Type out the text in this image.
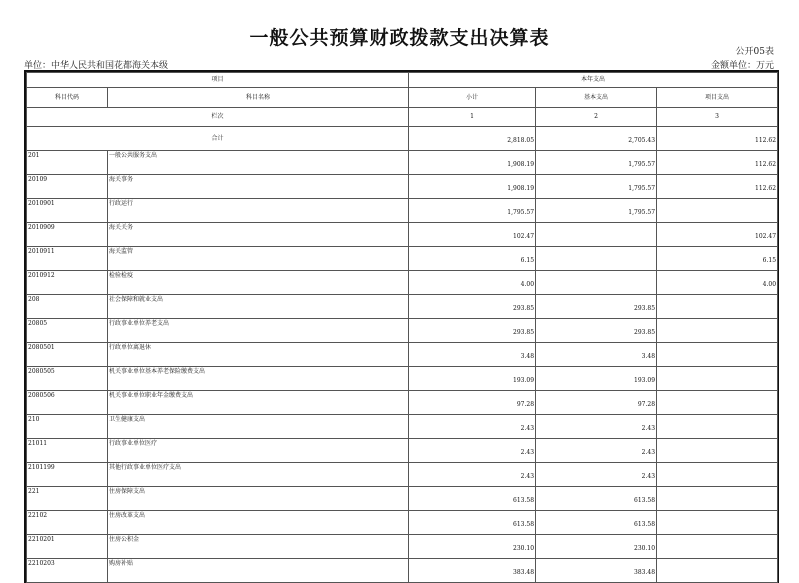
一般公共预算财政拨款支出决算表
公开05表
单位：中华人民共和国花都海关本级	金额单位：万元
项目		本年支出		
科目代码	科目名称	小计	基本支出	项目支出
栏次		1	2	3
合计		2,818.05	2,705.43	112.62
201	一般公共服务支出	1,908.19	1,795.57	112.62
20109	海关事务	1,908.19	1,795.57	112.62
2010901	行政运行	1,795.57	1,795.57	
2010909	海关关务	102.47		102.47
2010911	海关监管	6.15		6.15
2010912	检验检疫	4.00		4.00
208	社会保障和就业支出	293.85	293.85	
20805	行政事业单位养老支出	293.85	293.85	
2080501	行政单位离退休	3.48	3.48	
2080505	机关事业单位基本养老保险缴费支出	193.09	193.09	
2080506	机关事业单位职业年金缴费支出	97.28	97.28	
210	卫生健康支出	2.43	2.43	
21011	行政事业单位医疗	2.43	2.43	
2101199	其他行政事业单位医疗支出	2.43	2.43	
221	住房保障支出	613.58	613.58	
22102	住房改革支出	613.58	613.58	
2210201	住房公积金	230.10	230.10	
2210203	购房补贴	383.48	383.48	
